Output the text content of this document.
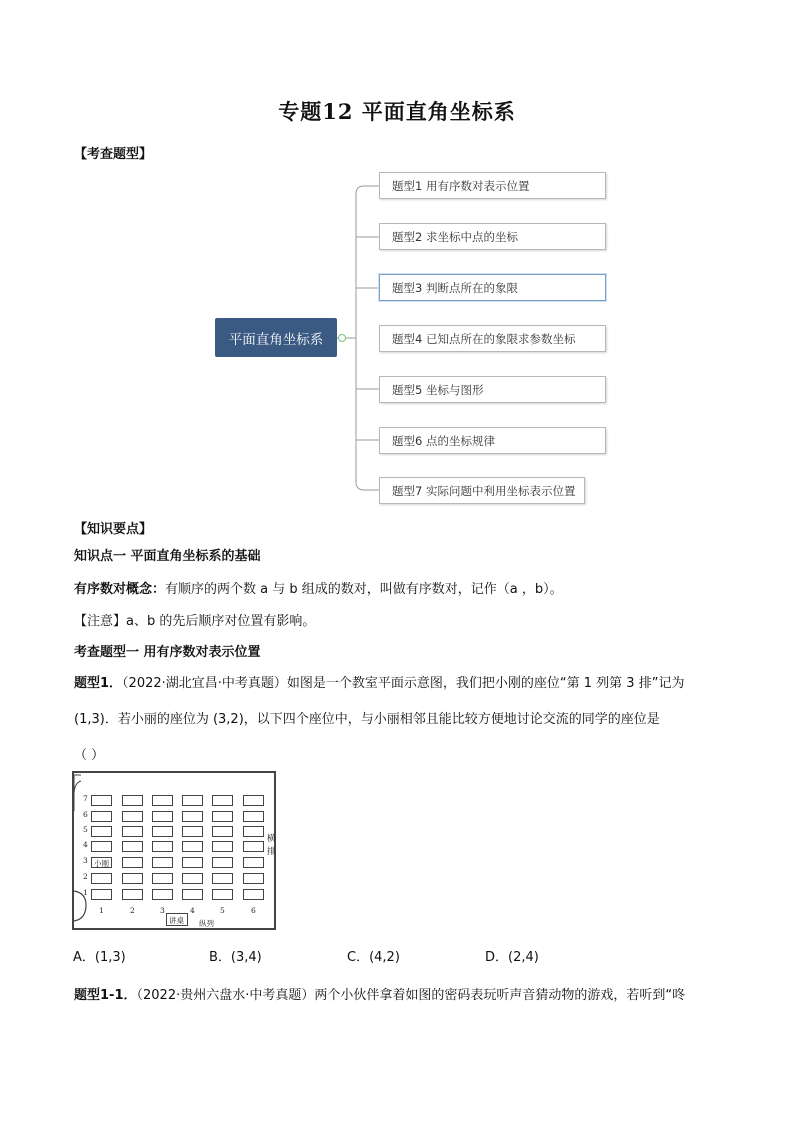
专题12 平面直角坐标系
【考查题型】
平面直角坐标系
题型1 用有序数对表示位置
题型2 求坐标中点的坐标
题型3 判断点所在的象限
题型4 已知点所在的象限求参数坐标
题型5 坐标与图形
题型6 点的坐标规律
题型7 实际问题中利用坐标表示位置
【知识要点】
知识点一 平面直角坐标系的基础
有序数对概念：有顺序的两个数 a 与 b 组成的数对，叫做有序数对，记作（a ，b）。
【注意】a、b 的先后顺序对位置有影响。
考查题型一 用有序数对表示位置
题型1．（2022·湖北宜昌·中考真题）如图是一个教室平面示意图，我们把小刚的座位“第 1 列第 3 排”记为
(1,3)．若小丽的座位为 (3,2)，以下四个座位中，与小丽相邻且能比较方便地讨论交流的同学的座位是
（ ）
7
6
5
4
3 小刚
2
1
1	2	3	4	5	6
纵列
讲桌
横
排
A．(1,3)	B．(3,4)	C．(4,2)	D．(2,4)
题型1-1．（2022·贵州六盘水·中考真题）两个小伙伴拿着如图的密码表玩听声音猜动物的游戏，若听到“咚
